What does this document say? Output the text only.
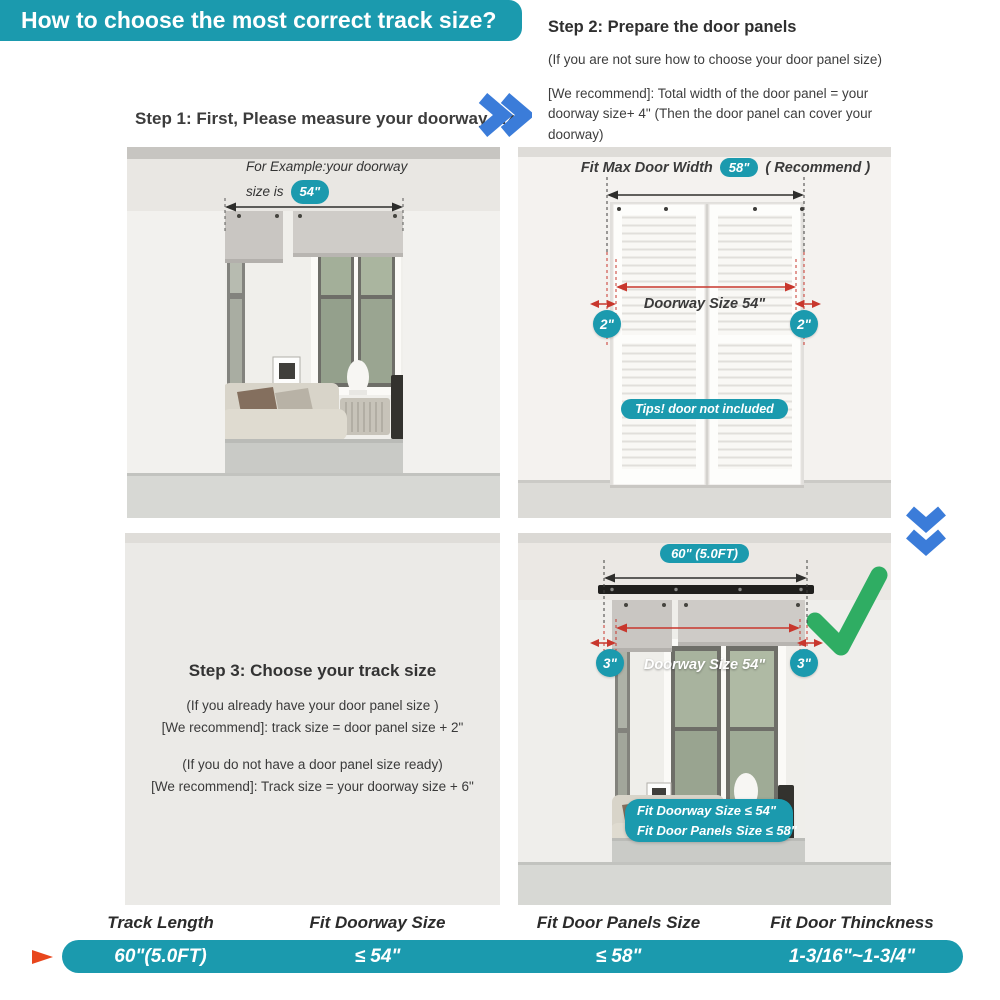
How to choose the most correct track size?	Step 2: Prepare the door panels
(If you are not sure how to choose your door panel size)
[We recommend]: Total width of the door panel = your doorway size+ 4" (Then the door panel can cover your doorway)
Step 1: First, Please measure your doorway size
For Example:your doorway
size is	54"
Fit Max Door Width	58"	( Recommend )
Doorway Size 54"
2"	2"
Tips! door not included
Step 3: Choose your track size
(If you already have your door panel size )
[We recommend]: track size = door panel size + 2"
(If you do not have a door panel size ready)
[We recommend]: Track size = your doorway size + 6"
60" (5.0FT)
Doorway Size 54"
3"	3"
Fit Doorway Size ≤ 54"
Fit Door Panels Size ≤ 58"
Track Length	Fit Doorway Size	Fit Door Panels Size	Fit Door Thinckness
60"(5.0FT)	≤ 54"	≤ 58"	1-3/16"~1-3/4"
